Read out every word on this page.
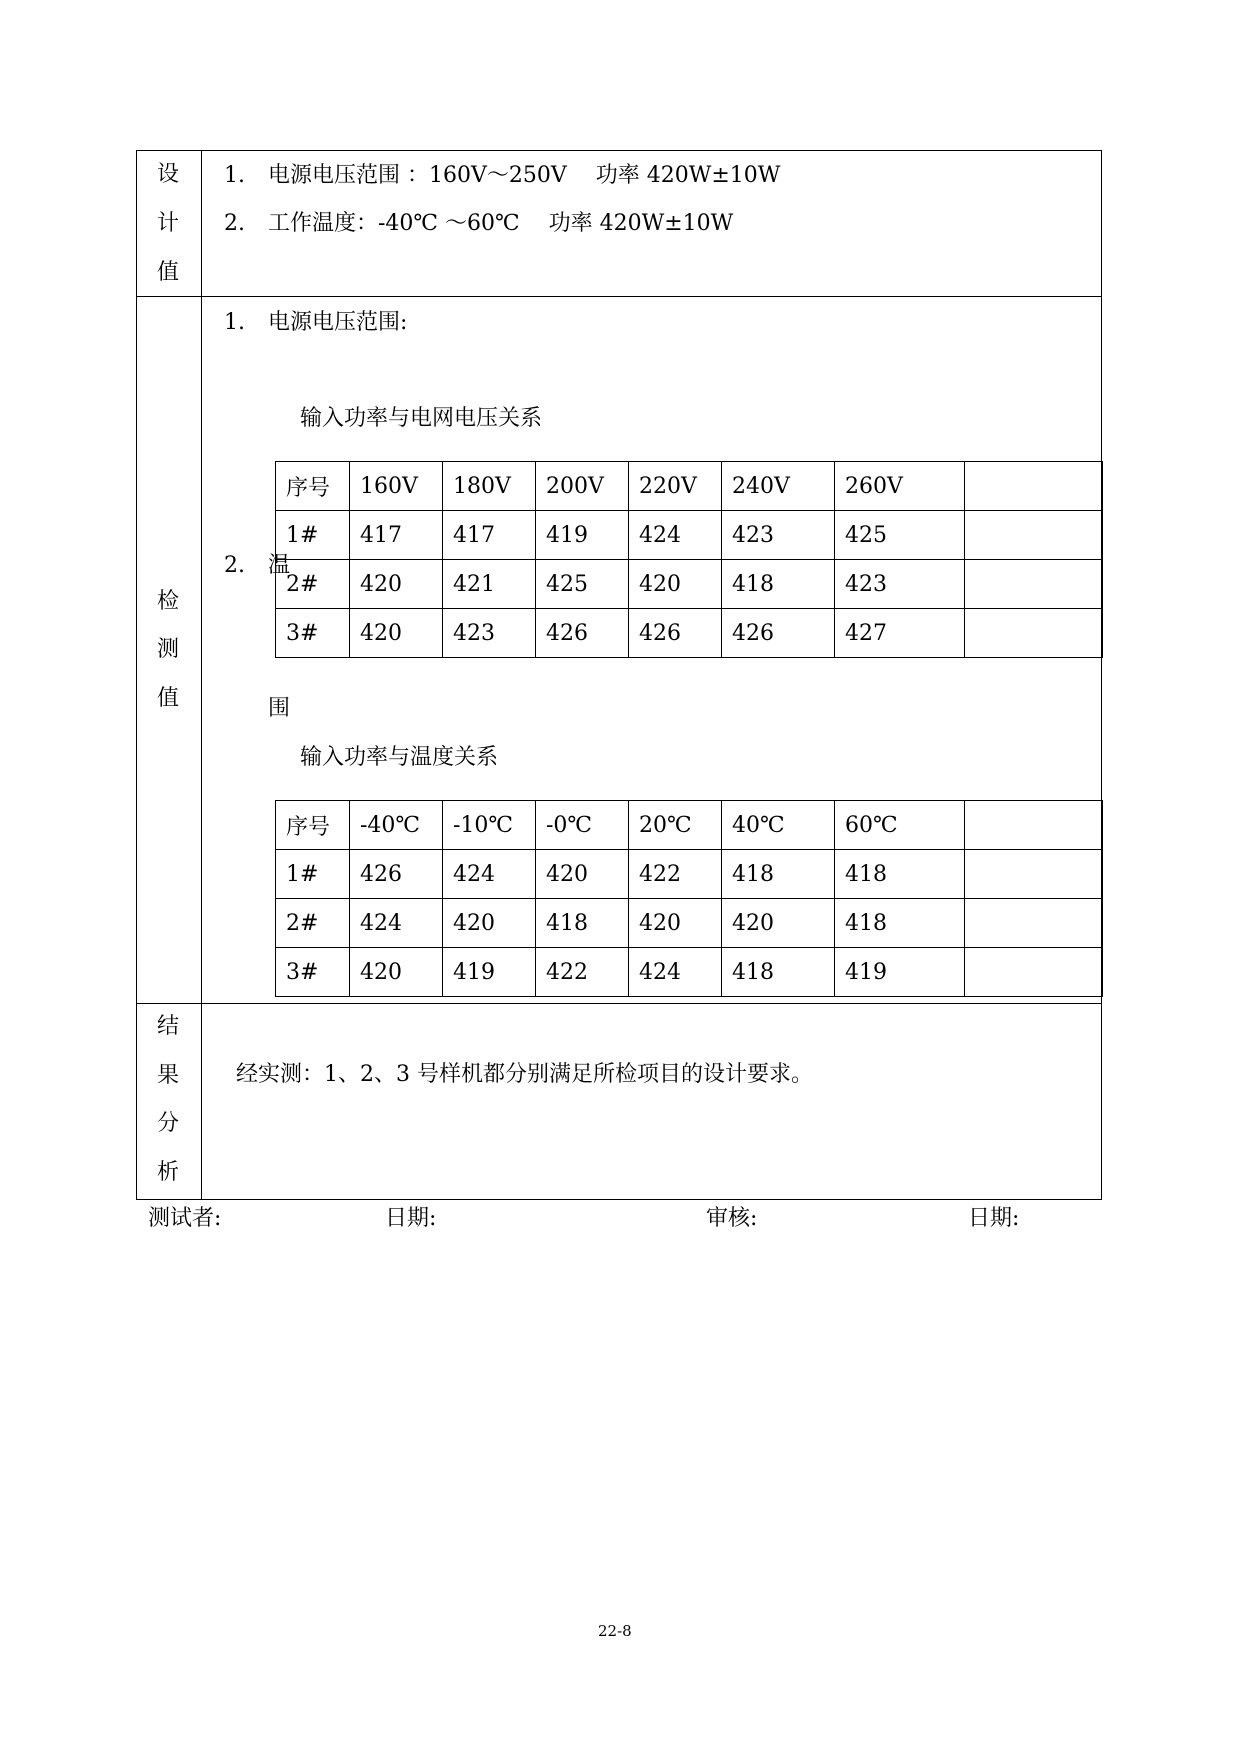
设
计
值
1. 电源电压范围 ：160V～250V　 功率 420W±10W
2. 工作温度：-40℃ ～60℃　 功率 420W±10W
检
测
值
1. 电源电压范围:
输入功率与电网电压关系
序号	160V	180V	200V	220V	240V	260V	
1#	417	417	419	424	423	425	
2#	420	421	425	420	418	423	
3#	420	423	426	426	426	427	
2. 温
围
输入功率与温度关系
序号	-40℃	-10℃	-0℃	20℃	40℃	60℃	
1#	426	424	420	422	418	418	
2#	424	420	418	420	420	418	
3#	420	419	422	424	418	419	
结
果
分
析
经实测：1、2、3 号样机都分别满足所检项目的设计要求。
测试者:	日期:	审核:	日期:
22-8
